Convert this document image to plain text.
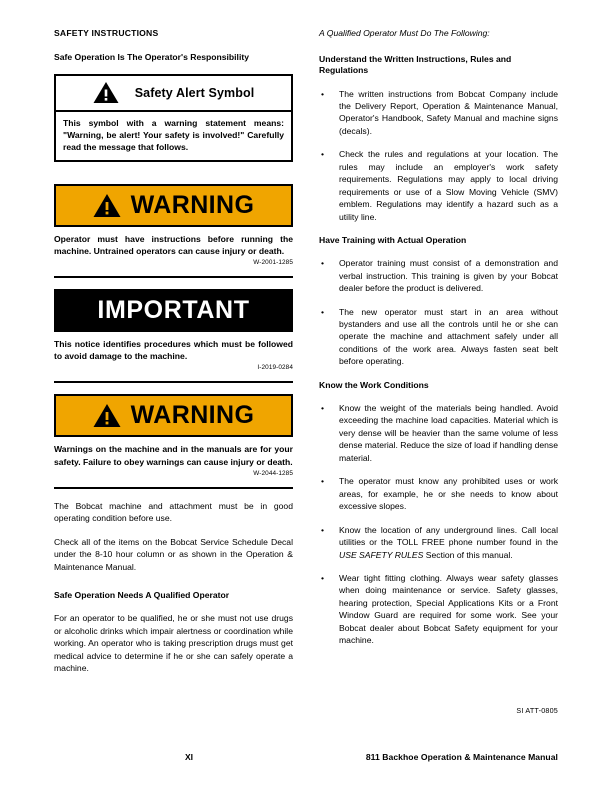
SAFETY INSTRUCTIONS
Safe Operation Is The Operator's Responsibility
Safety Alert Symbol
This symbol with a warning statement means: "Warning, be alert! Your safety is involved!" Carefully read the message that follows.
WARNING
Operator must have instructions before running the machine. Untrained operators can cause injury or death.
W-2001-1285
IMPORTANT
This notice identifies procedures which must be followed to avoid damage to the machine.
I-2019-0284
WARNING
Warnings on the machine and in the manuals are for your safety. Failure to obey warnings can cause injury or death.
W-2044-1285
The Bobcat machine and attachment must be in good operating condition before use.
Check all of the items on the Bobcat Service Schedule Decal under the 8-10 hour column or as shown in the Operation & Maintenance Manual.
Safe Operation Needs A Qualified Operator
For an operator to be qualified, he or she must not use drugs or alcoholic drinks which impair alertness or coordination while working. An operator who is taking prescription drugs must get medical advice to determine if he or she can safely operate a machine.
A Qualified Operator Must Do The Following:
Understand the Written Instructions, Rules and Regulations
• The written instructions from Bobcat Company include the Delivery Report, Operation & Maintenance Manual, Operator's Handbook, Safety Manual and machine signs (decals).
• Check the rules and regulations at your location. The rules may include an employer's work safety requirements. Regulations may apply to local driving requirements or use of a Slow Moving Vehicle (SMV) emblem. Regulations may identify a hazard such as a utility line.
Have Training with Actual Operation
• Operator training must consist of a demonstration and verbal instruction. This training is given by your Bobcat dealer before the product is delivered.
• The new operator must start in an area without bystanders and use all the controls until he or she can operate the machine and attachment safely under all conditions of the work area. Always fasten seat belt before operating.
Know the Work Conditions
• Know the weight of the materials being handled. Avoid exceeding the machine load capacities. Material which is very dense will be heavier than the same volume of less dense material. Reduce the size of load if handling dense material.
• The operator must know any prohibited uses or work areas, for example, he or she needs to know about excessive slopes.
• Know the location of any underground lines. Call local utilities or the TOLL FREE phone number found in the USE SAFETY RULES Section of this manual.
• Wear tight fitting clothing. Always wear safety glasses when doing maintenance or service. Safety glasses, hearing protection, Special Applications Kits or a Front Window Guard are required for some work. See your Bobcat dealer about Bobcat Safety equipment for your machine.
SI ATT-0805
XI	811 Backhoe Operation & Maintenance Manual
